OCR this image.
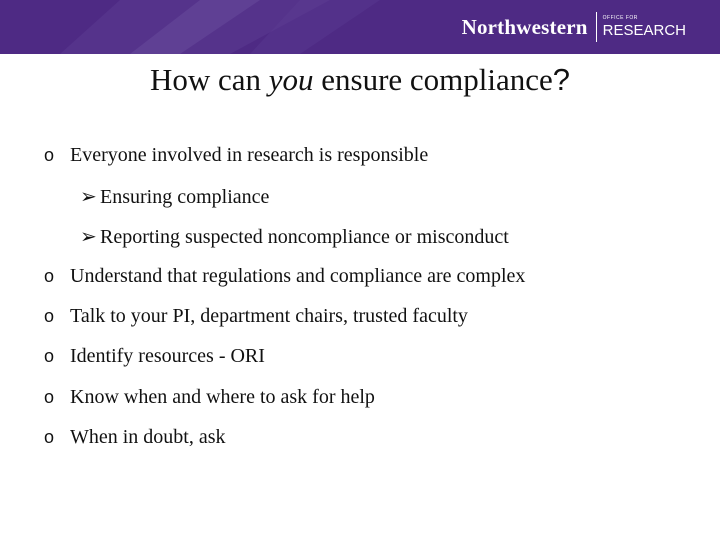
Northwestern	OFFICE FOR
RESEARCH
How can you ensure compliance?
o Everyone involved in research is responsible
➢ Ensuring compliance
➢ Reporting suspected noncompliance or misconduct
o Understand that regulations and compliance are complex
o Talk to your PI, department chairs, trusted faculty
o Identify resources - ORI
o Know when and where to ask for help
o When in doubt, ask
